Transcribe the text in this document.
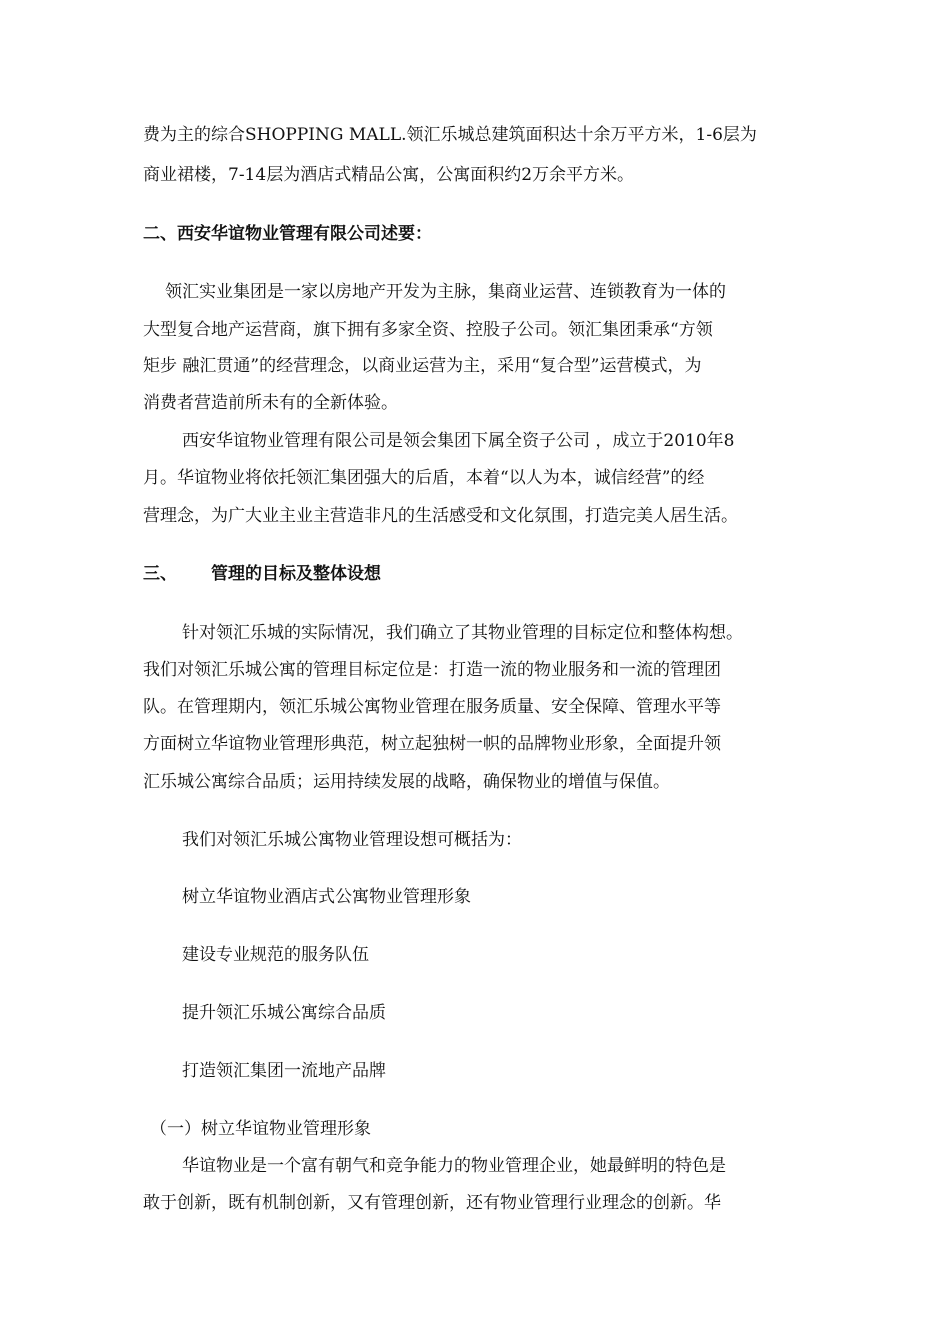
费为主的综合SHOPPING MALL.领汇乐城总建筑面积达十余万平方米，1-6层为
商业裙楼，7-14层为酒店式精品公寓，公寓面积约2万余平方米。
二、西安华谊物业管理有限公司述要：
领汇实业集团是一家以房地产开发为主脉，集商业运营、连锁教育为一体的
大型复合地产运营商，旗下拥有多家全资、控股子公司。领汇集团秉承“方领
矩步 融汇贯通”的经营理念，以商业运营为主，采用“复合型”运营模式，为
消费者营造前所未有的全新体验。
西安华谊物业管理有限公司是领会集团下属全资子公司 ，成立于2010年8
月。华谊物业将依托领汇集团强大的后盾，本着“以人为本，诚信经营”的经
营理念，为广大业主业主营造非凡的生活感受和文化氛围，打造完美人居生活。
三、 管理的目标及整体设想
针对领汇乐城的实际情况，我们确立了其物业管理的目标定位和整体构想。
我们对领汇乐城公寓的管理目标定位是：打造一流的物业服务和一流的管理团
队。在管理期内，领汇乐城公寓物业管理在服务质量、安全保障、管理水平等
方面树立华谊物业管理形典范，树立起独树一帜的品牌物业形象，全面提升领
汇乐城公寓综合品质；运用持续发展的战略，确保物业的增值与保值。
我们对领汇乐城公寓物业管理设想可概括为：
树立华谊物业酒店式公寓物业管理形象
建设专业规范的服务队伍
提升领汇乐城公寓综合品质
打造领汇集团一流地产品牌
（一）树立华谊物业管理形象
华谊物业是一个富有朝气和竞争能力的物业管理企业，她最鲜明的特色是
敢于创新，既有机制创新，又有管理创新，还有物业管理行业理念的创新。华
